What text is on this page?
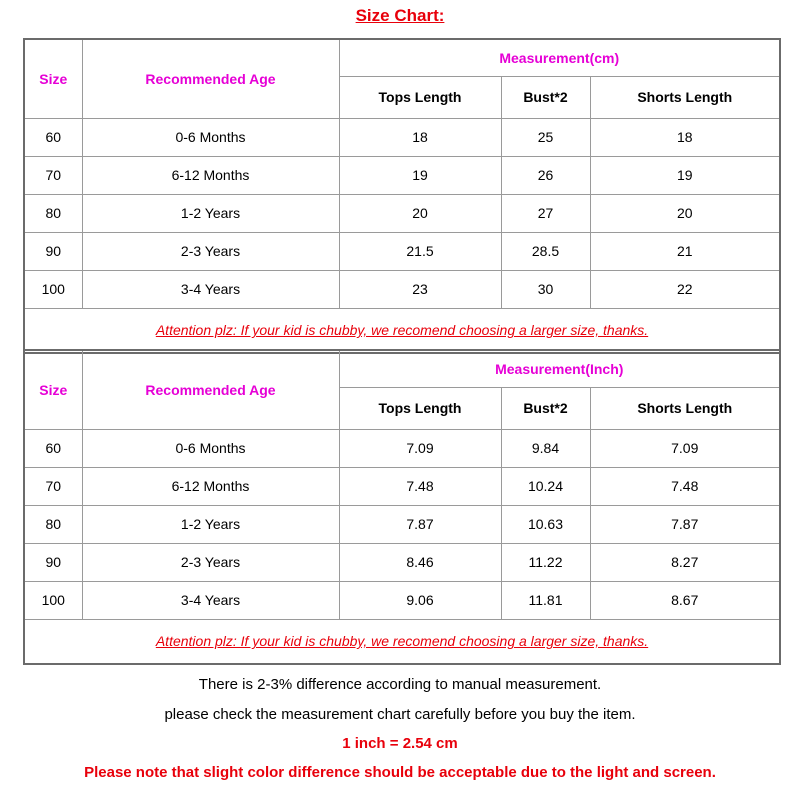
Size Chart:
Size	Recommended Age	Measurement(cm)		
		Tops Length	Bust*2	Shorts Length
60	0-6 Months	18	25	18
70	6-12 Months	19	26	19
80	1-2 Years	20	27	20
90	2-3 Years	21.5	28.5	21
100	3-4 Years	23	30	22
Attention plz: If your kid is chubby, we recomend choosing a larger size, thanks.				
Size	Recommended Age	Measurement(Inch)		
		Tops Length	Bust*2	Shorts Length
60	0-6 Months	7.09	9.84	7.09
70	6-12 Months	7.48	10.24	7.48
80	1-2 Years	7.87	10.63	7.87
90	2-3 Years	8.46	11.22	8.27
100	3-4 Years	9.06	11.81	8.67
Attention plz: If your kid is chubby, we recomend choosing a larger size, thanks.				
There is 2-3% difference according to manual measurement.
please check the measurement chart carefully before you buy the item.
1 inch = 2.54 cm
Please note that slight color difference should be acceptable due to the light and screen.
